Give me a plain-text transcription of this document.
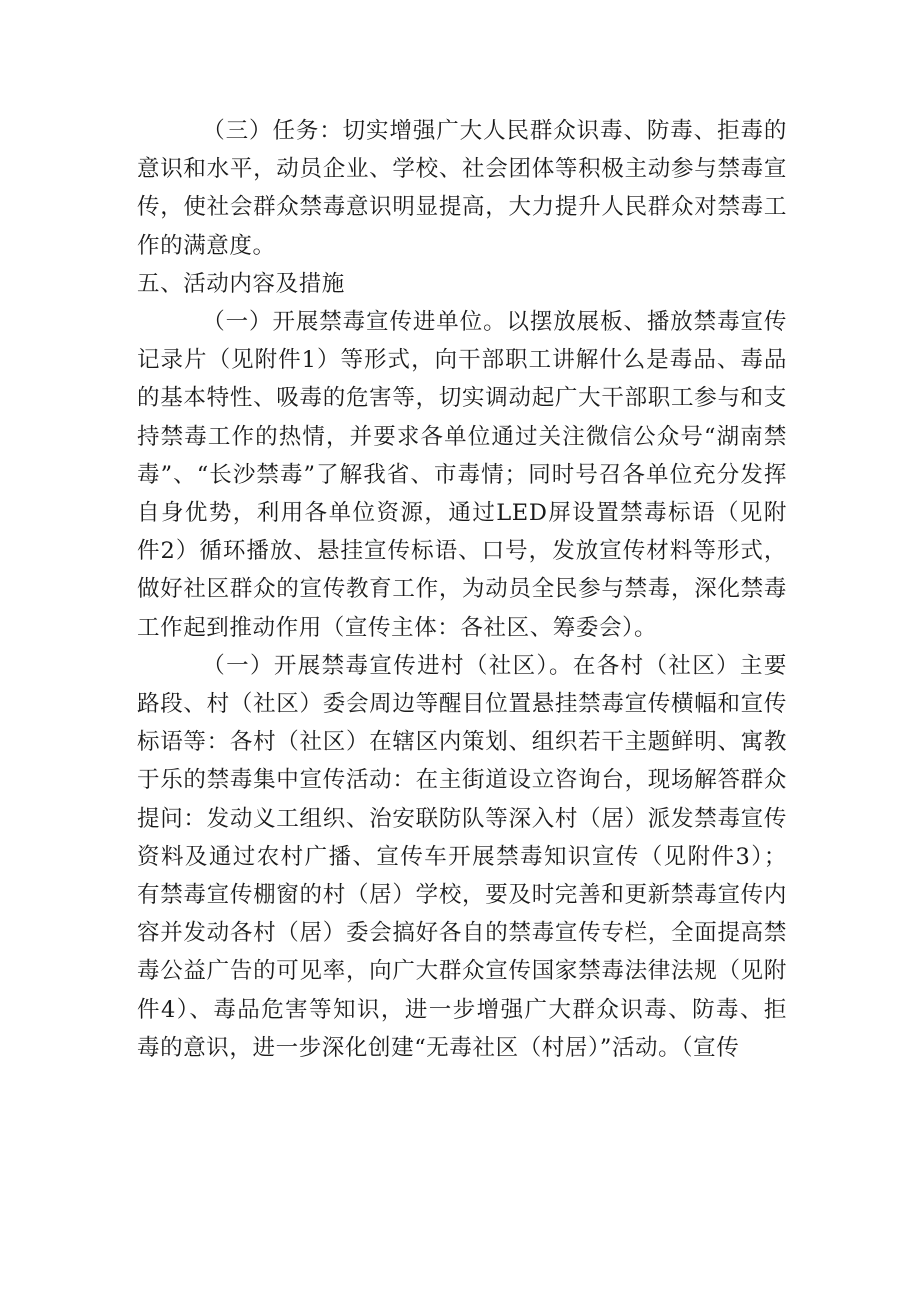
（三）任务：切实增强广大人民群众识毒、防毒、拒毒的意识和水平，动员企业、学校、社会团体等积极主动参与禁毒宣传，使社会群众禁毒意识明显提高，大力提升人民群众对禁毒工作的满意度。

五、活动内容及措施

（一）开展禁毒宣传进单位。以摆放展板、播放禁毒宣传记录片（见附件1）等形式，向干部职工讲解什么是毒品、毒品的基本特性、吸毒的危害等，切实调动起广大干部职工参与和支持禁毒工作的热情，并要求各单位通过关注微信公众号“湖南禁毒”、“长沙禁毒”了解我省、市毒情；同时号召各单位充分发挥自身优势，利用各单位资源，通过LED屏设置禁毒标语（见附件2）循环播放、悬挂宣传标语、口号，发放宣传材料等形式，做好社区群众的宣传教育工作，为动员全民参与禁毒，深化禁毒工作起到推动作用（宣传主体：各社区、筹委会）。

（一）开展禁毒宣传进村（社区）。在各村（社区）主要路段、村（社区）委会周边等醒目位置悬挂禁毒宣传横幅和宣传标语等：各村（社区）在辖区内策划、组织若干主题鲜明、寓教于乐的禁毒集中宣传活动：在主街道设立咨询台，现场解答群众提问：发动义工组织、治安联防队等深入村（居）派发禁毒宣传资料及通过农村广播、宣传车开展禁毒知识宣传（见附件3）；有禁毒宣传棚窗的村（居）学校，要及时完善和更新禁毒宣传内容并发动各村（居）委会搞好各自的禁毒宣传专栏，全面提高禁毒公益广告的可见率，向广大群众宣传国家禁毒法律法规（见附件4）、毒品危害等知识，进一步增强广大群众识毒、防毒、拒毒的意识，进一步深化创建“无毒社区（村居）”活动。（宣传
